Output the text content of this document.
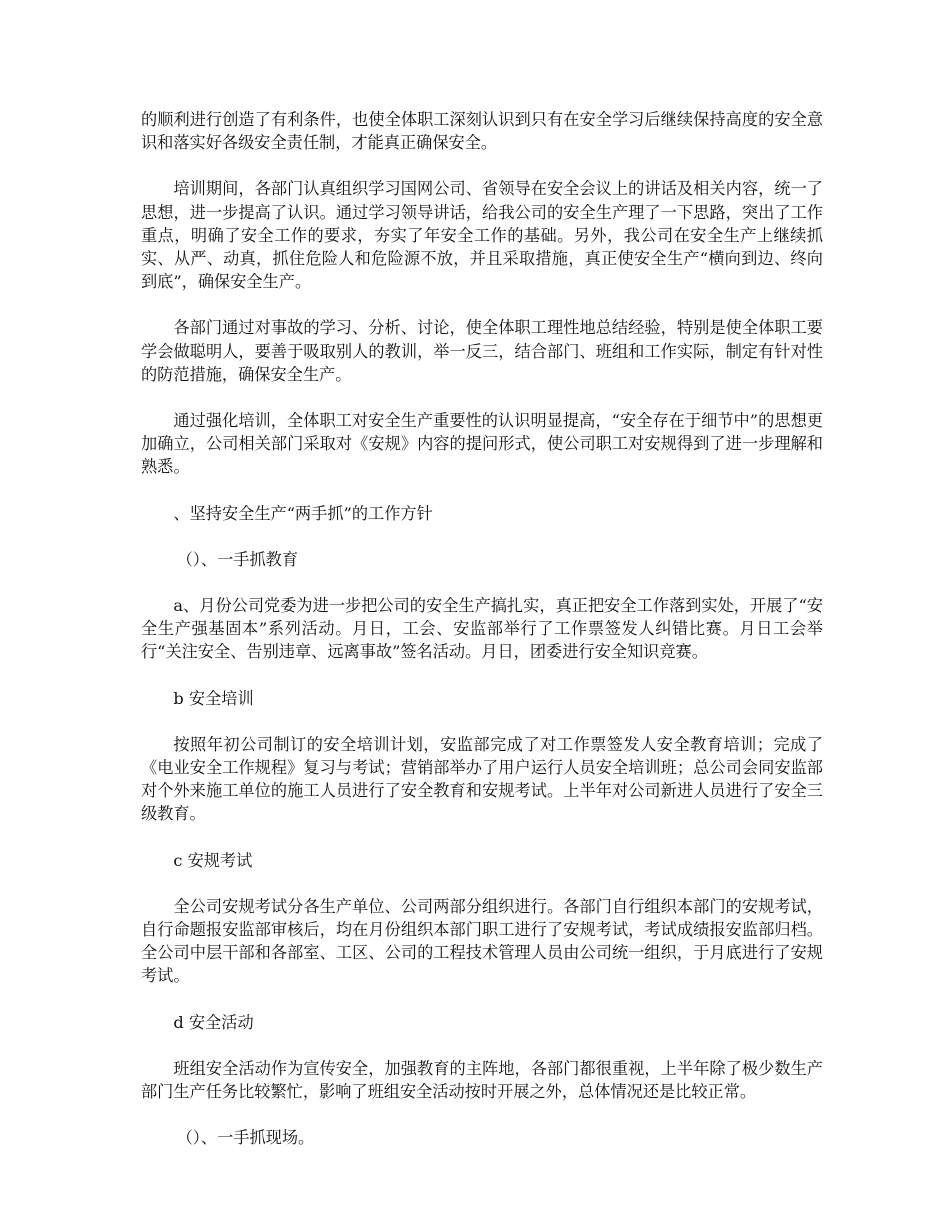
的顺利进行创造了有利条件，也使全体职工深刻认识到只有在安全学习后继续保持高度的安全意识和落实好各级安全责任制，才能真正确保安全。

培训期间，各部门认真组织学习国网公司、省领导在安全会议上的讲话及相关内容，统一了思想，进一步提高了认识。通过学习领导讲话，给我公司的安全生产理了一下思路，突出了工作重点，明确了安全工作的要求，夯实了年安全工作的基础。另外，我公司在安全生产上继续抓实、从严、动真，抓住危险人和危险源不放，并且采取措施，真正使安全生产“横向到边、终向到底”，确保安全生产。

各部门通过对事故的学习、分析、讨论，使全体职工理性地总结经验，特别是使全体职工要学会做聪明人，要善于吸取别人的教训，举一反三，结合部门、班组和工作实际，制定有针对性的防范措施，确保安全生产。

通过强化培训，全体职工对安全生产重要性的认识明显提高，“安全存在于细节中”的思想更加确立，公司相关部门采取对《安规》内容的提问形式，使公司职工对安规得到了进一步理解和熟悉。

、坚持安全生产“两手抓”的工作方针

（）、一手抓教育

a、月份公司党委为进一步把公司的安全生产搞扎实，真正把安全工作落到实处，开展了“安全生产强基固本”系列活动。月日，工会、安监部举行了工作票签发人纠错比赛。月日工会举行“关注安全、告别违章、远离事故”签名活动。月日，团委进行安全知识竞赛。

b 安全培训

按照年初公司制订的安全培训计划，安监部完成了对工作票签发人安全教育培训；完成了《电业安全工作规程》复习与考试；营销部举办了用户运行人员安全培训班；总公司会同安监部对个外来施工单位的施工人员进行了安全教育和安规考试。上半年对公司新进人员进行了安全三级教育。

c 安规考试

全公司安规考试分各生产单位、公司两部分组织进行。各部门自行组织本部门的安规考试，自行命题报安监部审核后，均在月份组织本部门职工进行了安规考试，考试成绩报安监部归档。全公司中层干部和各部室、工区、公司的工程技术管理人员由公司统一组织，于月底进行了安规考试。

d 安全活动

班组安全活动作为宣传安全，加强教育的主阵地，各部门都很重视，上半年除了极少数生产部门生产任务比较繁忙，影响了班组安全活动按时开展之外，总体情况还是比较正常。

（）、一手抓现场。
